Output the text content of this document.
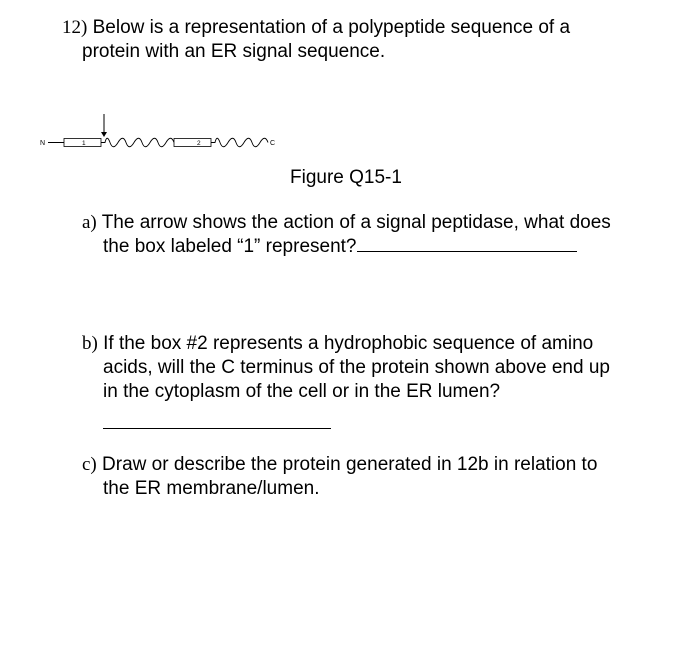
12) Below is a representation of a polypeptide sequence of a
protein with an ER signal sequence.
N	1	2	C
Figure Q15-1
a) The arrow shows the action of a signal peptidase, what does
the box labeled “1” represent?
b) If the box #2 represents a hydrophobic sequence of amino
acids, will the C terminus of the protein shown above end up
in the cytoplasm of the cell or in the ER lumen?
c) Draw or describe the protein generated in 12b in relation to
the ER membrane/lumen.
